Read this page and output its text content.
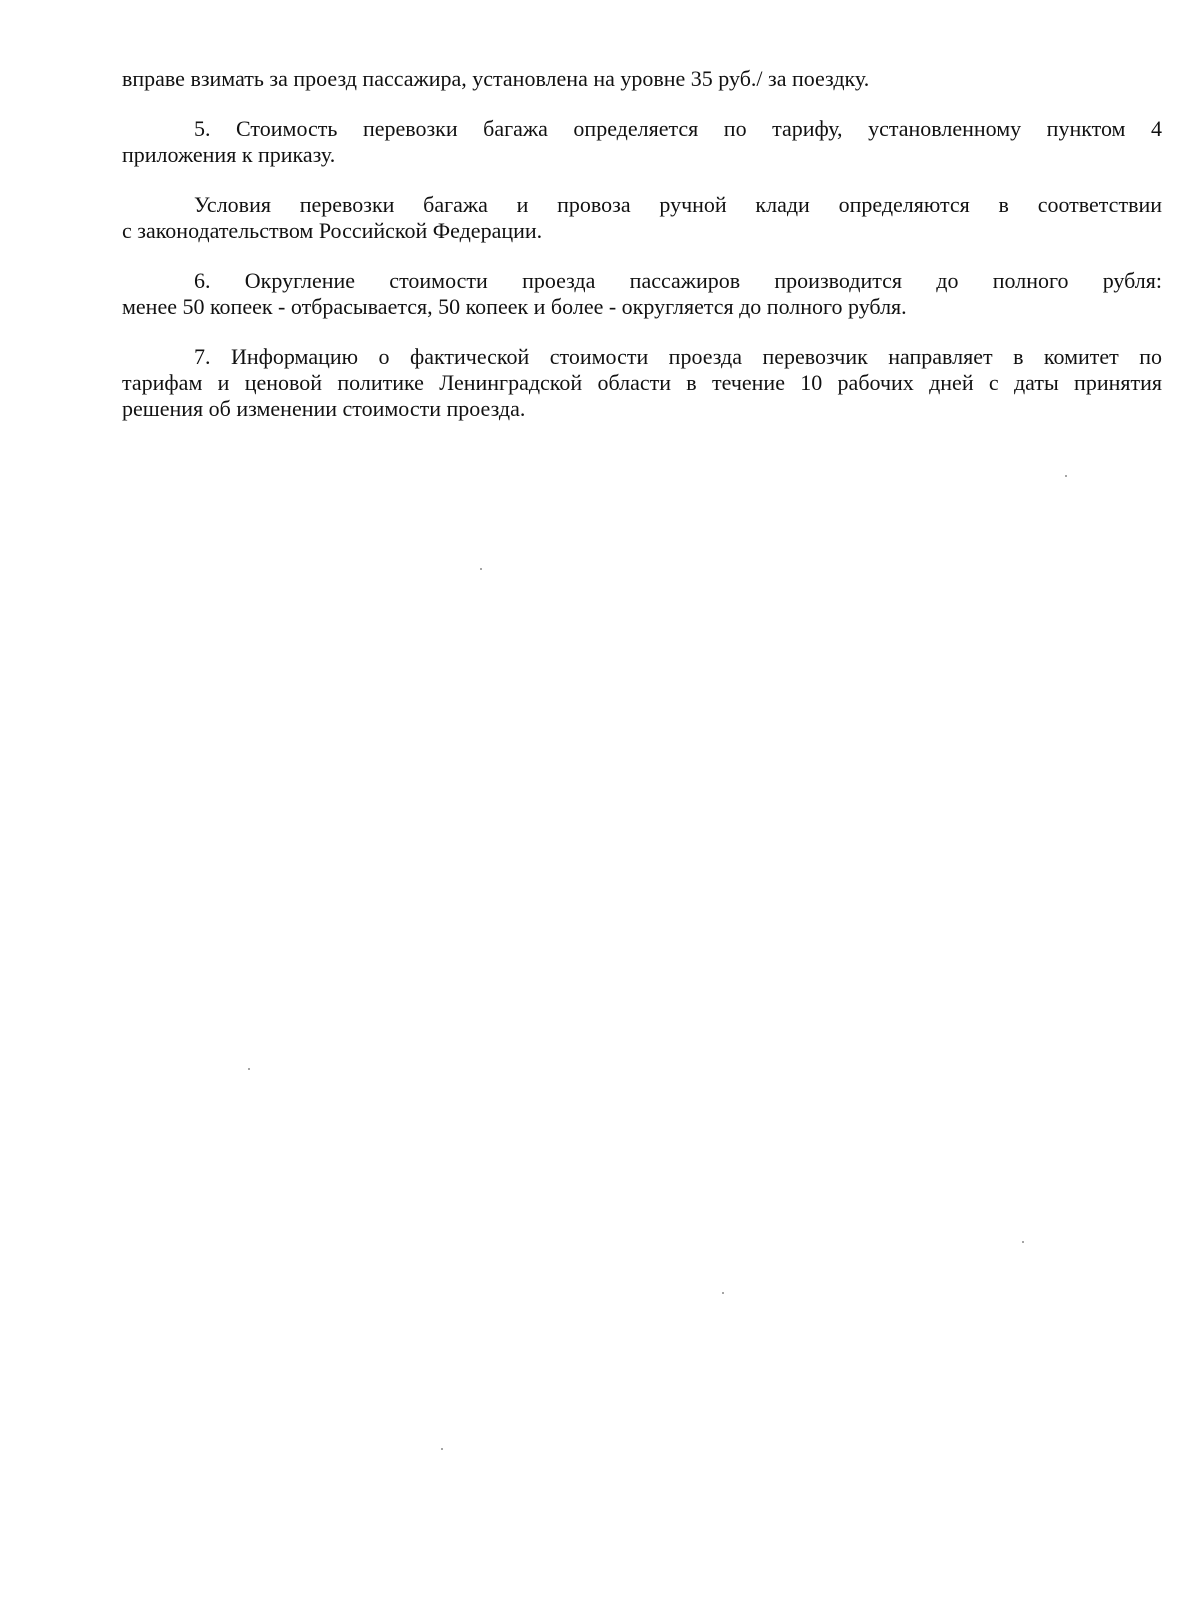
вправе взимать за проезд пассажира, установлена на уровне 35 руб./ за поездку.

5. Стоимость перевозки багажа определяется по тарифу, установленному пунктом 4
приложения к приказу.

Условия перевозки багажа и провоза ручной клади определяются в соответствии
с законодательством Российской Федерации.

6. Округление стоимости проезда пассажиров производится до полного рубля:
менее 50 копеек - отбрасывается, 50 копеек и более - округляется до полного рубля.

7. Информацию о фактической стоимости проезда перевозчик направляет в комитет по
тарифам и ценовой политике Ленинградской области в течение 10 рабочих дней с даты принятия
решения об изменении стоимости проезда.
